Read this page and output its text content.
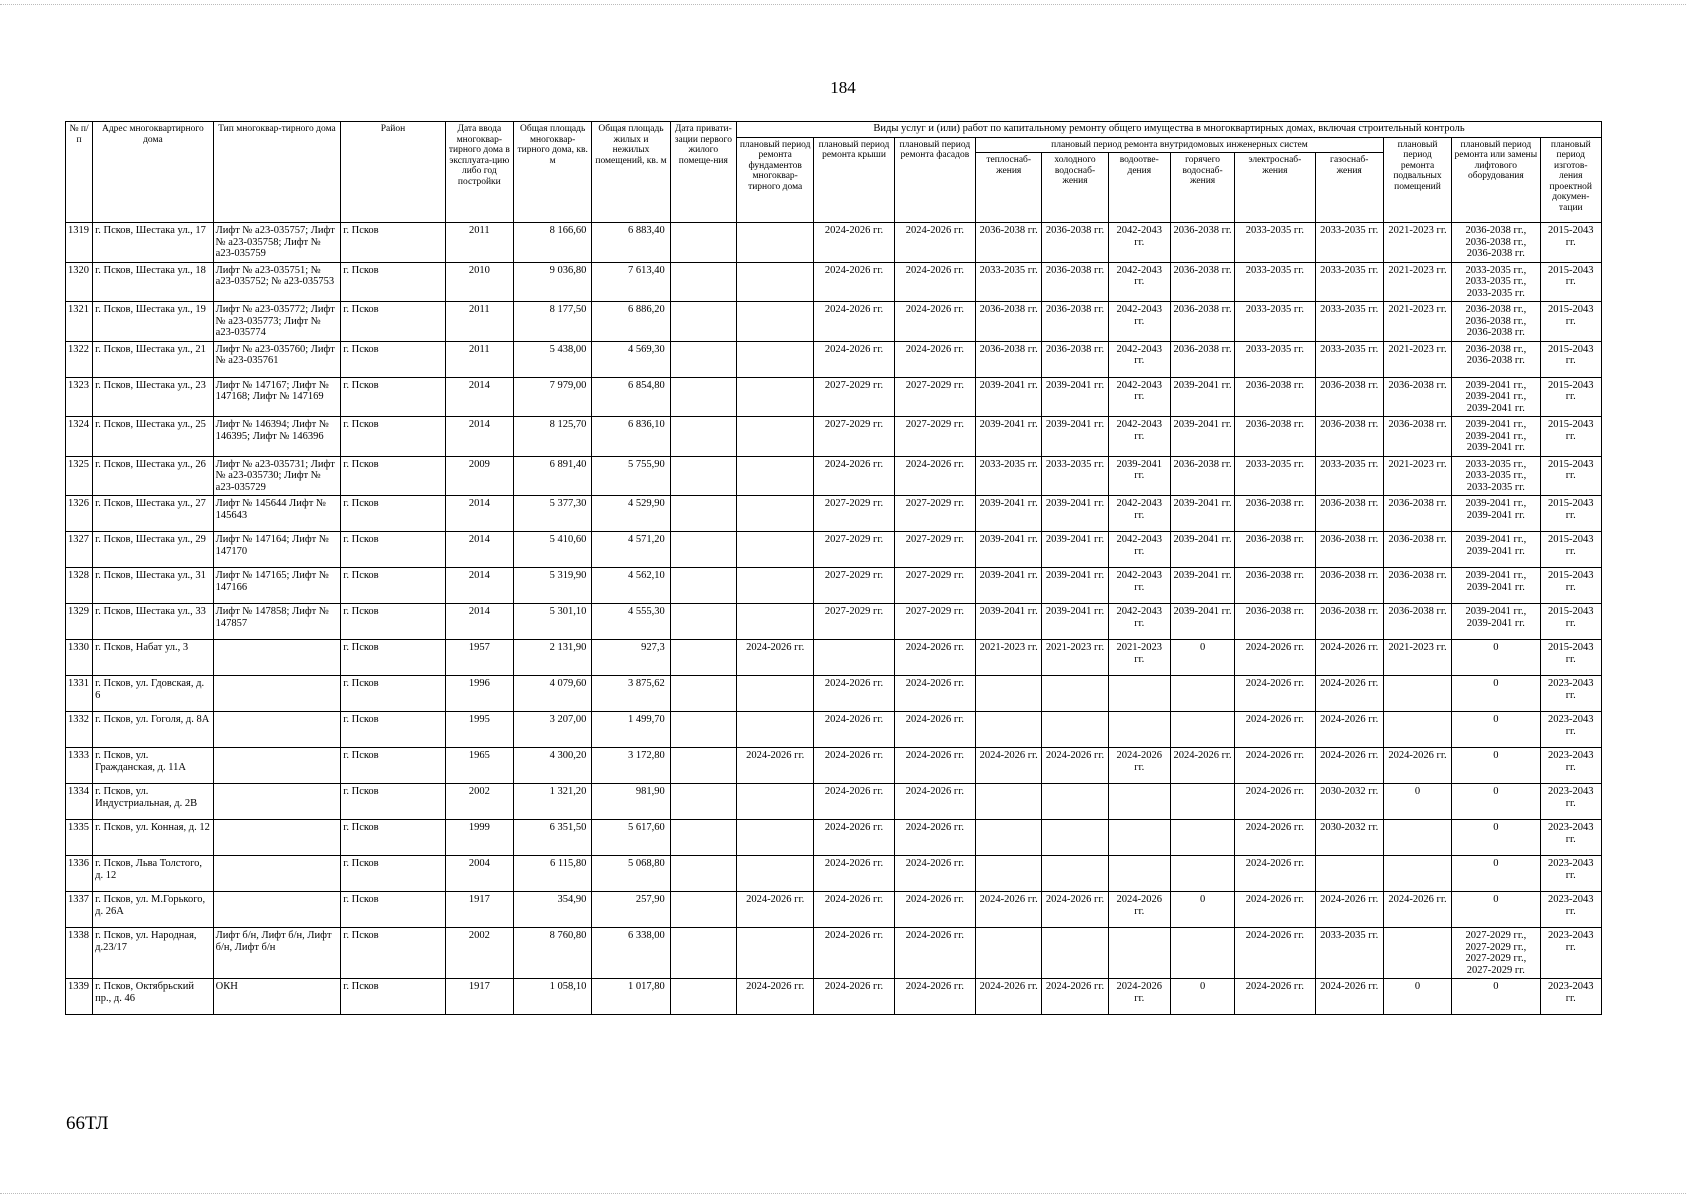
184
№ п/п	Адрес многоквартирного дома	Тип многоквар-тирного дома	Район	Дата ввода многоквар-тирного дома в эксплуата-цию либо год постройки	Общая площадь многоквар-тирного дома, кв. м	Общая площадь жилых и нежилых помещений, кв. м	Дата привати-зации первого жилого помеще-ния	Виды услуг и (или) работ по капитальному ремонту общего имущества в многоквартирных домах, включая строительный контроль											
								плановый период ремонта фундаментов многоквар-тирного дома	плановый период ремонта крыши	плановый период ремонта фасадов	плановый период ремонта внутридомовых инженерных систем						плановый период ремонта подвальных помещений	плановый период ремонта или замены лифтового оборудования	плановый период изготов-ления проектной докумен-тации
											теплоснаб-жения	холодного водоснаб-жения	водоотве-дения	горячего водоснаб-жения	электроснаб-жения	газоснаб-жения			
1319	г. Псков, Шестака ул., 17	Лифт № а23-035757; Лифт № а23-035758; Лифт № а23-035759	г. Псков	2011	8 166,60	6 883,40			2024-2026 гг.	2024-2026 гг.	2036-2038 гг.	2036-2038 гг.	2042-2043 гг.	2036-2038 гг.	2033-2035 гг.	2033-2035 гг.	2021-2023 гг.	2036-2038 гг., 2036-2038 гг., 2036-2038 гг.	2015-2043 гг.
1320	г. Псков, Шестака ул., 18	Лифт № а23-035751; № а23-035752; № а23-035753	г. Псков	2010	9 036,80	7 613,40			2024-2026 гг.	2024-2026 гг.	2033-2035 гг.	2036-2038 гг.	2042-2043 гг.	2036-2038 гг.	2033-2035 гг.	2033-2035 гг.	2021-2023 гг.	2033-2035 гг., 2033-2035 гг., 2033-2035 гг.	2015-2043 гг.
1321	г. Псков, Шестака ул., 19	Лифт № а23-035772; Лифт № а23-035773; Лифт № а23-035774	г. Псков	2011	8 177,50	6 886,20			2024-2026 гг.	2024-2026 гг.	2036-2038 гг.	2036-2038 гг.	2042-2043 гг.	2036-2038 гг.	2033-2035 гг.	2033-2035 гг.	2021-2023 гг.	2036-2038 гг., 2036-2038 гг., 2036-2038 гг.	2015-2043 гг.
1322	г. Псков, Шестака ул., 21	Лифт № а23-035760; Лифт № а23-035761	г. Псков	2011	5 438,00	4 569,30			2024-2026 гг.	2024-2026 гг.	2036-2038 гг.	2036-2038 гг.	2042-2043 гг.	2036-2038 гг.	2033-2035 гг.	2033-2035 гг.	2021-2023 гг.	2036-2038 гг., 2036-2038 гг.	2015-2043 гг.
1323	г. Псков, Шестака ул., 23	Лифт № 147167; Лифт № 147168; Лифт № 147169	г. Псков	2014	7 979,00	6 854,80			2027-2029 гг.	2027-2029 гг.	2039-2041 гг.	2039-2041 гг.	2042-2043 гг.	2039-2041 гг.	2036-2038 гг.	2036-2038 гг.	2036-2038 гг.	2039-2041 гг., 2039-2041 гг., 2039-2041 гг.	2015-2043 гг.
1324	г. Псков, Шестака ул., 25	Лифт № 146394; Лифт № 146395; Лифт № 146396	г. Псков	2014	8 125,70	6 836,10			2027-2029 гг.	2027-2029 гг.	2039-2041 гг.	2039-2041 гг.	2042-2043 гг.	2039-2041 гг.	2036-2038 гг.	2036-2038 гг.	2036-2038 гг.	2039-2041 гг., 2039-2041 гг., 2039-2041 гг.	2015-2043 гг.
1325	г. Псков, Шестака ул., 26	Лифт № а23-035731; Лифт № а23-035730; Лифт № а23-035729	г. Псков	2009	6 891,40	5 755,90			2024-2026 гг.	2024-2026 гг.	2033-2035 гг.	2033-2035 гг.	2039-2041 гг.	2036-2038 гг.	2033-2035 гг.	2033-2035 гг.	2021-2023 гг.	2033-2035 гг., 2033-2035 гг., 2033-2035 гг.	2015-2043 гг.
1326	г. Псков, Шестака ул., 27	Лифт № 145644 Лифт № 145643	г. Псков	2014	5 377,30	4 529,90			2027-2029 гг.	2027-2029 гг.	2039-2041 гг.	2039-2041 гг.	2042-2043 гг.	2039-2041 гг.	2036-2038 гг.	2036-2038 гг.	2036-2038 гг.	2039-2041 гг., 2039-2041 гг.	2015-2043 гг.
1327	г. Псков, Шестака ул., 29	Лифт № 147164; Лифт № 147170	г. Псков	2014	5 410,60	4 571,20			2027-2029 гг.	2027-2029 гг.	2039-2041 гг.	2039-2041 гг.	2042-2043 гг.	2039-2041 гг.	2036-2038 гг.	2036-2038 гг.	2036-2038 гг.	2039-2041 гг., 2039-2041 гг.	2015-2043 гг.
1328	г. Псков, Шестака ул., 31	Лифт № 147165; Лифт № 147166	г. Псков	2014	5 319,90	4 562,10			2027-2029 гг.	2027-2029 гг.	2039-2041 гг.	2039-2041 гг.	2042-2043 гг.	2039-2041 гг.	2036-2038 гг.	2036-2038 гг.	2036-2038 гг.	2039-2041 гг., 2039-2041 гг.	2015-2043 гг.
1329	г. Псков, Шестака ул., 33	Лифт № 147858; Лифт № 147857	г. Псков	2014	5 301,10	4 555,30			2027-2029 гг.	2027-2029 гг.	2039-2041 гг.	2039-2041 гг.	2042-2043 гг.	2039-2041 гг.	2036-2038 гг.	2036-2038 гг.	2036-2038 гг.	2039-2041 гг., 2039-2041 гг.	2015-2043 гг.
1330	г. Псков, Набат ул., 3		г. Псков	1957	2 131,90	927,3		2024-2026 гг.		2024-2026 гг.	2021-2023 гг.	2021-2023 гг.	2021-2023 гг.	0	2024-2026 гг.	2024-2026 гг.	2021-2023 гг.	0	2015-2043 гг.
1331	г. Псков, ул. Гдовская, д. 6		г. Псков	1996	4 079,60	3 875,62			2024-2026 гг.	2024-2026 гг.					2024-2026 гг.	2024-2026 гг.		0	2023-2043 гг.
1332	г. Псков, ул. Гоголя, д. 8А		г. Псков	1995	3 207,00	1 499,70			2024-2026 гг.	2024-2026 гг.					2024-2026 гг.	2024-2026 гг.		0	2023-2043 гг.
1333	г. Псков, ул. Гражданская, д. 11А		г. Псков	1965	4 300,20	3 172,80		2024-2026 гг.	2024-2026 гг.	2024-2026 гг.	2024-2026 гг.	2024-2026 гг.	2024-2026 гг.	2024-2026 гг.	2024-2026 гг.	2024-2026 гг.	2024-2026 гг.	0	2023-2043 гг.
1334	г. Псков, ул. Индустриальная, д. 2В		г. Псков	2002	1 321,20	981,90			2024-2026 гг.	2024-2026 гг.					2024-2026 гг.	2030-2032 гг.	0	0	2023-2043 гг.
1335	г. Псков, ул. Конная, д. 12		г. Псков	1999	6 351,50	5 617,60			2024-2026 гг.	2024-2026 гг.					2024-2026 гг.	2030-2032 гг.		0	2023-2043 гг.
1336	г. Псков, Льва Толстого, д. 12		г. Псков	2004	6 115,80	5 068,80			2024-2026 гг.	2024-2026 гг.					2024-2026 гг.			0	2023-2043 гг.
1337	г. Псков, ул. М.Горького, д. 26А		г. Псков	1917	354,90	257,90		2024-2026 гг.	2024-2026 гг.	2024-2026 гг.	2024-2026 гг.	2024-2026 гг.	2024-2026 гг.	0	2024-2026 гг.	2024-2026 гг.	2024-2026 гг.	0	2023-2043 гг.
1338	г. Псков, ул. Народная, д.23/17	Лифт б/н, Лифт б/н, Лифт б/н, Лифт б/н	г. Псков	2002	8 760,80	6 338,00			2024-2026 гг.	2024-2026 гг.					2024-2026 гг.	2033-2035 гг.		2027-2029 гг., 2027-2029 гг., 2027-2029 гг., 2027-2029 гг.	2023-2043 гг.
1339	г. Псков, Октябрьский пр., д. 46	ОКН	г. Псков	1917	1 058,10	1 017,80		2024-2026 гг.	2024-2026 гг.	2024-2026 гг.	2024-2026 гг.	2024-2026 гг.	2024-2026 гг.	0	2024-2026 гг.	2024-2026 гг.	0	0	2023-2043 гг.
66ТЛ
